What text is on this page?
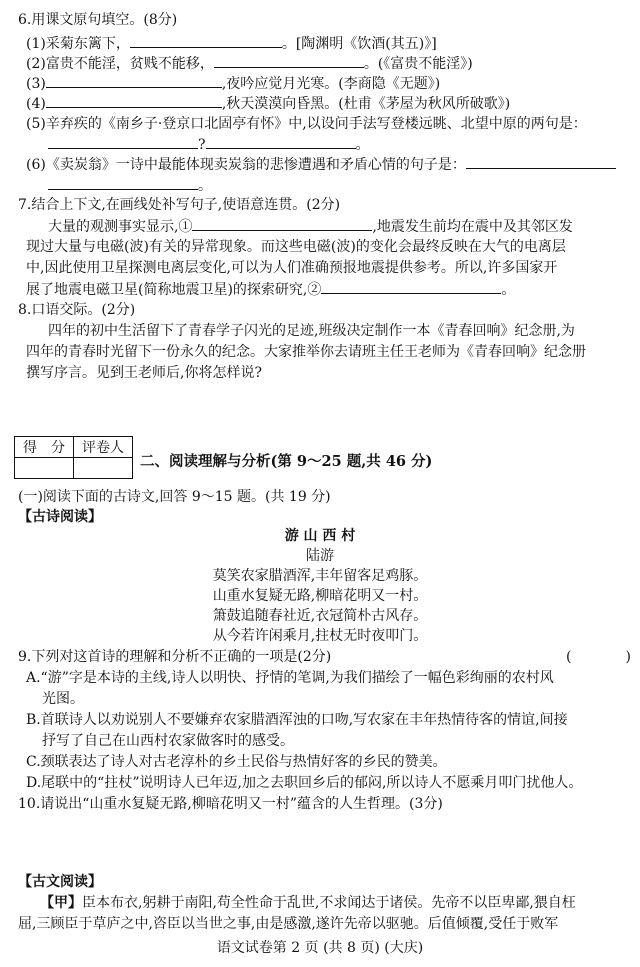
6.用课文原句填空。(8分)
(1)采菊东篱下，	。[陶渊明《饮酒(其五)》]
(2)富贵不能淫，贫贱不能移，	。(《富贵不能淫》)
(3)	,夜吟应觉月光寒。(李商隐《无题》)
(4)	,秋天漠漠向昏黑。(杜甫《茅屋为秋风所破歌》)
(5)辛弃疾的《南乡子·登京口北固亭有怀》中,以设问手法写登楼远眺、北望中原的两句是：
?	。
(6)《卖炭翁》一诗中最能体现卖炭翁的悲惨遭遇和矛盾心情的句子是：
。
7.结合上下文,在画线处补写句子,使语意连贯。(2分)
大量的观测事实显示,①	,地震发生前均在震中及其邻区发
现过大量与电磁(波)有关的异常现象。而这些电磁(波)的变化会最终反映在大气的电离层
中,因此使用卫星探测电离层变化,可以为人们准确预报地震提供参考。所以,许多国家开
展了地震电磁卫星(简称地震卫星)的探索研究,②	。
8.口语交际。(2分)
四年的初中生活留下了青春学子闪光的足迹,班级决定制作一本《青春回响》纪念册,为
四年的青春时光留下一份永久的纪念。大家推举你去请班主任王老师为《青春回响》纪念册
撰写序言。见到王老师后,你将怎样说?
得　分	评卷人

二、阅读理解与分析(第 9～25 题,共 46 分)
(一)阅读下面的古诗文,回答 9～15 题。(共 19 分)
【古诗阅读】
游 山 西 村
陆游
莫笑农家腊酒浑,丰年留客足鸡豚。
山重水复疑无路,柳暗花明又一村。
箫鼓追随春社近,衣冠简朴古风存。
从今若许闲乘月,拄杖无时夜叩门。
9.下列对这首诗的理解和分析不正确的一项是(2分)	(	)
A.“游”字是本诗的主线,诗人以明快、抒情的笔调,为我们描绘了一幅色彩绚丽的农村风
光图。
B.首联诗人以劝说别人不要嫌弃农家腊酒浑浊的口吻,写农家在丰年热情待客的情谊,间接
抒写了自己在山西村农家做客时的感受。
C.颈联表达了诗人对古老淳朴的乡土民俗与热情好客的乡民的赞美。
D.尾联中的“拄杖”说明诗人已年迈,加之去职回乡后的郁闷,所以诗人不愿乘月叩门扰他人。
10.请说出“山重水复疑无路,柳暗花明又一村”蕴含的人生哲理。(3分)
【古文阅读】
【甲】臣本布衣,躬耕于南阳,苟全性命于乱世,不求闻达于诸侯。先帝不以臣卑鄙,猥自枉
屈,三顾臣于草庐之中,咨臣以当世之事,由是感激,遂许先帝以驱驰。后值倾覆,受任于败军
语文试卷第 2 页 (共 8 页) (大庆)
